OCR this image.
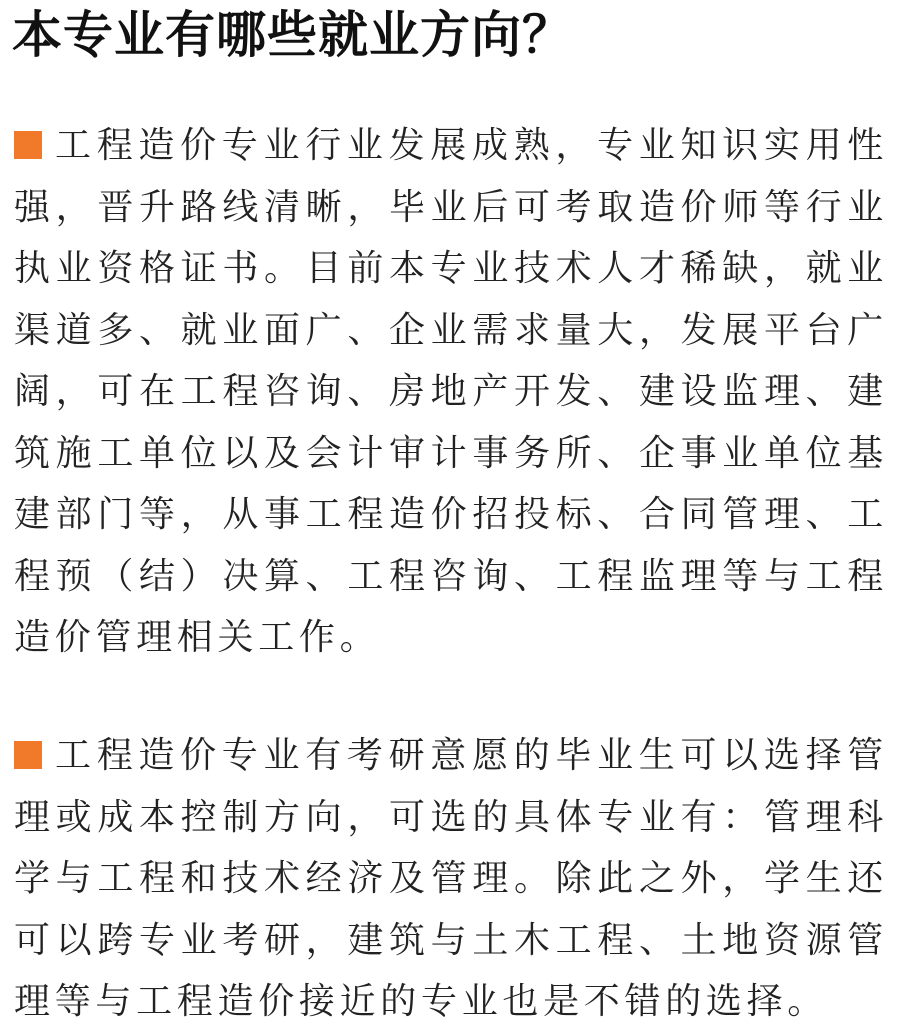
本专业有哪些就业方向？

工程造价专业行业发展成熟，专业知识实用性强，晋升路线清晰，毕业后可考取造价师等行业执业资格证书。目前本专业技术人才稀缺，就业渠道多、就业面广、企业需求量大，发展平台广阔，可在工程咨询、房地产开发、建设监理、建筑施工单位以及会计审计事务所、企事业单位基建部门等，从事工程造价招投标、合同管理、工程预（结）决算、工程咨询、工程监理等与工程造价管理相关工作。

工程造价专业有考研意愿的毕业生可以选择管理或成本控制方向，可选的具体专业有：管理科学与工程和技术经济及管理。除此之外，学生还可以跨专业考研，建筑与土木工程、土地资源管理等与工程造价接近的专业也是不错的选择。
